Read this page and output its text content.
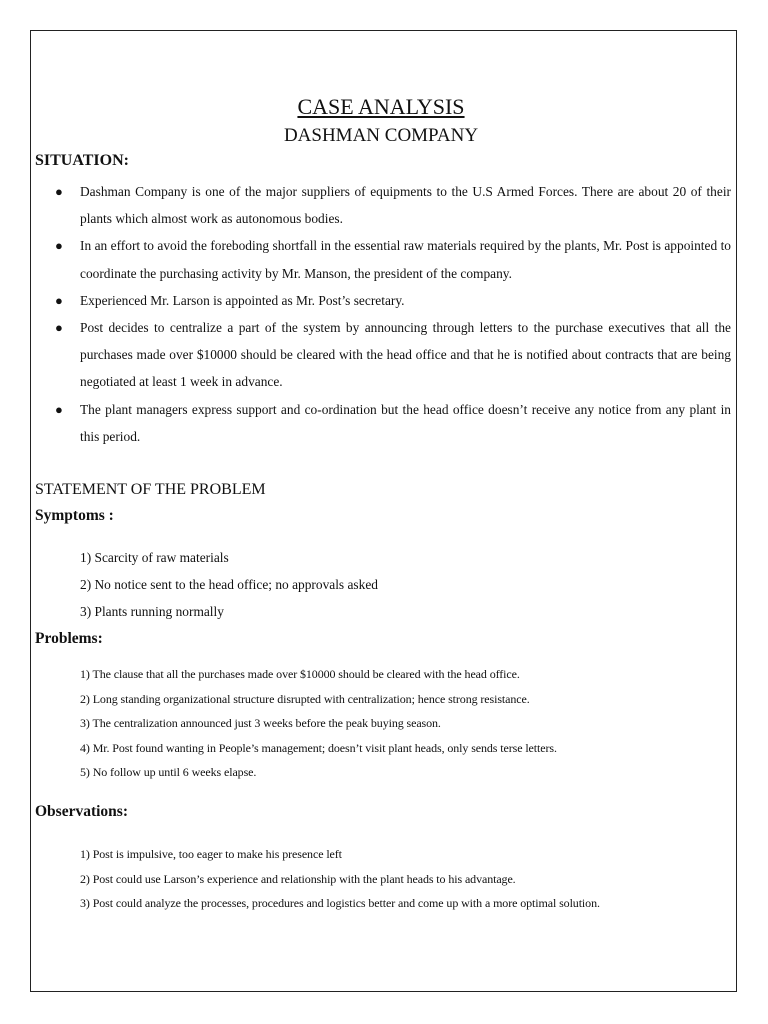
CASE ANALYSIS
DASHMAN COMPANY
SITUATION:
● Dashman Company is one of the major suppliers of equipments to the U.S Armed Forces. There are about 20 of their plants which almost work as autonomous bodies.
● In an effort to avoid the foreboding shortfall in the essential raw materials required by the plants, Mr. Post is appointed to coordinate the purchasing activity by Mr. Manson, the president of the company.
● Experienced Mr. Larson is appointed as Mr. Post’s secretary.
● Post decides to centralize a part of the system by announcing through letters to the purchase executives that all the purchases made over $10000 should be cleared with the head office and that he is notified about contracts that are being negotiated at least 1 week in advance.
● The plant managers express support and co-ordination but the head office doesn’t receive any notice from any plant in this period.
STATEMENT OF THE PROBLEM
Symptoms :
1) Scarcity of raw materials
2) No notice sent to the head office; no approvals asked
3) Plants running normally
Problems:
1) The clause that all the purchases made over $10000 should be cleared with the head office.
2) Long standing organizational structure disrupted with centralization; hence strong resistance.
3) The centralization announced just 3 weeks before the peak buying season.
4) Mr. Post found wanting in People’s management; doesn’t visit plant heads, only sends terse letters.
5) No follow up until 6 weeks elapse.
Observations:
1) Post is impulsive, too eager to make his presence left
2) Post could use Larson’s experience and relationship with the plant heads to his advantage.
3) Post could analyze the processes, procedures and logistics better and come up with a more optimal solution.
